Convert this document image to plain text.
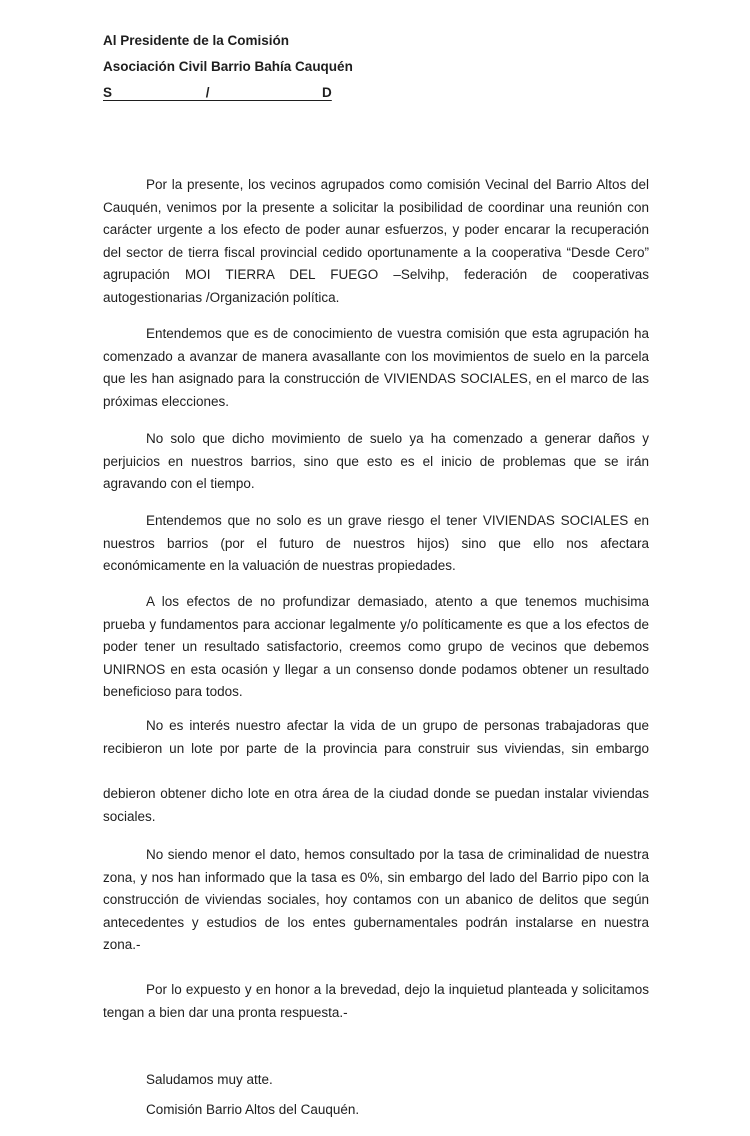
Al Presidente de la Comisión
Asociación Civil Barrio Bahía Cauquén
S                         /                              D

Por la presente, los vecinos agrupados como comisión Vecinal del Barrio Altos del Cauquén, venimos por la presente a solicitar la posibilidad de coordinar una reunión con carácter urgente a los efecto de poder aunar esfuerzos, y poder encarar la recuperación del sector de tierra fiscal provincial cedido oportunamente a la cooperativa “Desde Cero” agrupación MOI TIERRA DEL FUEGO –Selvihp, federación de cooperativas autogestionarias /Organización política.

Entendemos que es de conocimiento de vuestra comisión que esta agrupación ha comenzado a avanzar de manera avasallante con los movimientos de suelo en la parcela que les han asignado para la construcción de VIVIENDAS SOCIALES, en el marco de las próximas elecciones.

No solo que dicho movimiento de suelo ya ha comenzado a generar daños y perjuicios en nuestros barrios, sino que esto es el inicio de problemas que se irán agravando con el tiempo.

Entendemos que no solo es un grave riesgo el tener VIVIENDAS SOCIALES en nuestros barrios (por el futuro de nuestros hijos) sino que ello nos afectara económicamente en la valuación de nuestras propiedades.

A los efectos de no profundizar demasiado, atento a que tenemos muchisima prueba y fundamentos para accionar legalmente y/o políticamente es que a los efectos de poder tener un resultado satisfactorio, creemos como grupo de vecinos que debemos UNIRNOS en esta ocasión y llegar a un consenso donde podamos obtener un resultado beneficioso para todos.

No es interés nuestro afectar la vida de un grupo de personas trabajadoras que recibieron un lote por parte de la provincia para construir sus viviendas, sin embargo

debieron obtener dicho lote en otra área de la ciudad donde se puedan instalar viviendas sociales.

No siendo menor el dato, hemos consultado por la tasa de criminalidad de nuestra zona, y nos han informado que la tasa es 0%, sin embargo del lado del Barrio pipo con la construcción de viviendas sociales, hoy contamos con un abanico de delitos que según antecedentes y estudios de los entes gubernamentales podrán instalarse en nuestra zona.-

Por lo expuesto y en honor a la brevedad, dejo la inquietud planteada y solicitamos tengan a bien dar una pronta respuesta.-

Saludamos muy atte.

Comisión Barrio Altos del Cauquén.
